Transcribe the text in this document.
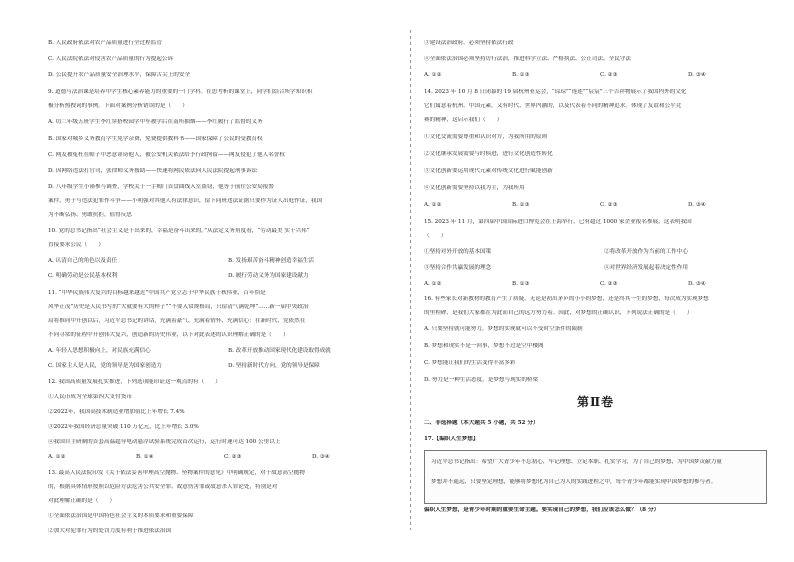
B. 人民政府依法对农产品质量进行全过程监管
C. 人民法院依法对侵害农产品质量的行为提起公诉
D. 公民提升农产品质量安全治理水平，保障舌尖上的安全
9. 道德与法治课是培养中学生核心素养能力的重要的一门学科。在思考析的课堂上，同学们结合所学知识积
极分析热搜词的事例。下面对案例分析错误的是（　　）
A. 切二年级五班学生李红穿搭校园学中车被学后在南所抽烟——李红履行了监督的义务
B. 国家对城乡义务教育学生免学杂费，免费提供教科书——国家保障了公民的受教育权
C. 网友被冤枉在帖子中恶意诽谤他人，被公安机关依法给予行政拘留——网友侵犯了他人名誉权
D. 因网络违法打官司，张律师义务援助——快速将网民依法向人民法院提起刑事诉讼
D. 八年级学生小谨参与调查，学校关于一手购门首盘曲线入室盗窃，他等于前往公安局报警
案件，勇于与违法犯罪作斗争——小明强对其他人有法律意识，留下同班违法证据只要作为证人出庭作证，我国
为不断弘扬、勇敢抗拒，值得反思
10. 党的总书记指出“社会主义是干出来的，幸福是奋斗出来的。”从法定义务角度看，“劳动最美 实干兴邦”
直接要求公民（　　）
A. 认清自己的角色以及责任	B. 发扬艰苦奋斗精神创造幸福生活
C. 明确劳动是公民基本权利	D. 履行劳动义务为国家建设献力
11. “中华民族伟大复兴的目标越来越近”中国共产党立志于中华民族千秋伟业，百年恰是
风华正茂”历史是人民书写的“大就要有大的样子”“不要入常规格局，只留清气满乾坤”……新一届中央政治
局将推同中开创以后，习近平总书记的讲话，充满着豪气、充满着情怀、充满信心：在新时代，党依然在
不同寻常的征程中开创伟大复兴，创造新的历史伟业，以下对此表述的认识理解正确的是（　　）
A. 年轻人思想积极向上，对民族充满信心	B. 改革开放推动国家现代化建设取得成就
C. 国家主人是人民，党的领导是为国家创造力	D. 坚持新时代方向，党的领导是保障
12. 我国高质量发展扎实推进，下列选项能印证这一观点的有（　　）
①人民币成为全球第四大支付货币
②2022年，我国高技术制造业增加值比上年增长 7.4%
③2022年我国经济总量突破 110 万亿元，比上年增长 3.0%
④我国自主研制的首套高温超导电动悬浮试验系统完成首次运行，运行时速可达 100 公里以上
A. ①②	B. ①④	C. ②③	D. ③④
13. 最高人民法院印发《关于依法妥善审理高空抛物、坠物案件的意见》中明确规定，对于故意高空抛物
的，根据具体情形按照以危险方法危害公共安全罪、故意伤害罪或故意杀人罪论处，特别是对
对此理解正确的是（　　）
①全面依法治国是中国特色社会主义的本质要求和重要保障
②加大对犯罪行为的处罚力度有利于推进依法治国
③建设法治政府，必须坚持依法行政
④全面依法治国必须坚持厉行法治，推进科学立法、严格执法、公正司法、全民守法
A. ①②	B. ①③	C. ②③	D. ③④
14. 2023 年 10 月 8 日闭幕的 19 届杭州亚运会，“琮琮”“莲莲”“宸宸”三个吉祥物展示了我国内外的文化
它们寓意着杭州、中国元素，又有时代、世界内涵的，以及代表着不同的精神追求。体现了友谊和公平竞
赛的精神，这启示我们（　　）
①文化交流需要尊重和认识对方，为我所用的原则
②文化继承发展需要与时俱进，进行文化创造性转化
③文化创新要运用现代元素对传统文化进行赋能创新
④文化创新需要坚持以我为主，为我所用
A. ①②	B. ①③	C. ②③	D. ③④
15. 2023 年 11 月，第四届中国国际进口博览会在上海举行，已有超过 1000 家企业报名参展。这表明我国
（　　）
①坚持对外开放的基本国策	②将改革开放作为当前的工作中心
③坚持合作共赢发展的理念	④对世界经济发展起着决定性作用
A. ①②	B. ①③	C. ②③	D. ③④
16. 有些家长对新教材的教育产生了质疑。无论是初出茅庐的小小的梦想，还是终其一生的梦想，每次成为实现梦想
的里程碑，是我们大家都在为此而自己的远方努力着。因此，对梦想的正确认识，下列说法正确的是（　　）
A. 只要坚持就可能努力，梦想的实现就可以不受时空条件的限制
B. 梦想和现实不是一回事，梦想不过是空中楼阁
C. 梦想能让我们的生活变得丰富多彩
D. 努力是一种生活态度，是梦想与现实的桥梁
第Ⅱ卷
二、非选择题（本大题共 5 小题，共 52 分）
17.【编织人生梦想】
习近平总书记指出：希望广大青少年不忘初心，牢记理想、立足本职、扎实学习，为了自己的梦想，为中国梦贡献力量
梦想并不遥远，只要坚定理想，能够将梦想化为自己为人的实践进程之中，每个青少年都能实现中国梦想的参与者。
偏织人生梦想，是青少年时期的重要生命主题。要实现自己的梦想，我们应该怎么做？（8 分）
